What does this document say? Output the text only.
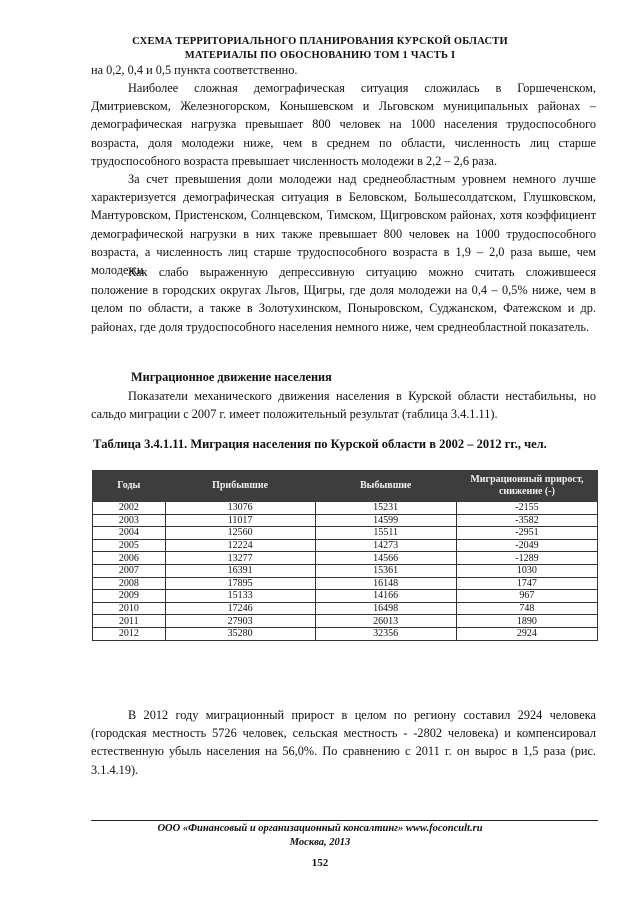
СХЕМА ТЕРРИТОРИАЛЬНОГО ПЛАНИРОВАНИЯ КУРСКОЙ ОБЛАСТИ
МАТЕРИАЛЫ ПО ОБОСНОВАНИЮ ТОМ 1 ЧАСТЬ I

на 0,2, 0,4 и 0,5 пункта соответственно.

Наиболее сложная демографическая ситуация сложилась в Горшеченском, Дмитриевском, Железногорском, Конышевском и Льговском муниципальных районах – демографическая нагрузка превышает 800 человек на 1000 населения трудоспособного возраста, доля молодежи ниже, чем в среднем по области, численность лиц старше трудоспособного возраста превышает численность молодежи в 2,2 – 2,6 раза.

За счет превышения доли молодежи над среднеобластным уровнем немного лучше характеризуется демографическая ситуация в Беловском, Большесолдатском, Глушковском, Мантуровском, Пристенском, Солнцевском, Тимском, Щигровском районах, хотя коэффициент демографической нагрузки в них также превышает 800 человек на 1000 трудоспособного возраста, а численность лиц старше трудоспособного возраста в 1,9 – 2,0 раза выше, чем молодежи.

Как слабо выраженную депрессивную ситуацию можно считать сложившееся положение в городских округах Льгов, Щигры, где доля молодежи на 0,4 – 0,5% ниже, чем в целом по области, а также в Золотухинском, Поныровском, Суджанском, Фатежском и др. районах, где доля трудоспособного населения немного ниже, чем среднеобластной показатель.

Миграционное движение населения

Показатели механического движения населения в Курской области нестабильны, но сальдо миграции с 2007 г. имеет положительный результат (таблица 3.4.1.11).

Таблица 3.4.1.11. Миграция населения по Курской области в 2002 – 2012 гг., чел.
Годы	Прибывшие	Выбывшие	Миграционный прирост, снижение (-)
2002	13076	15231	-2155
2003	11017	14599	-3582
2004	12560	15511	-2951
2005	12224	14273	-2049
2006	13277	14566	-1289
2007	16391	15361	1030
2008	17895	16148	1747
2009	15133	14166	967
2010	17246	16498	748
2011	27903	26013	1890
2012	35280	32356	2924

В 2012 году миграционный прирост в целом по региону составил 2924 человека (городская местность 5726 человек, сельская местность - -2802 человека) и компенсировал естественную убыль населения на 56,0%. По сравнению с 2011 г. он вырос в 1,5 раза (рис. 3.1.4.19).

ООО «Финансовый и организационный консалтинг» www.foconcult.ru
Москва, 2013
152
